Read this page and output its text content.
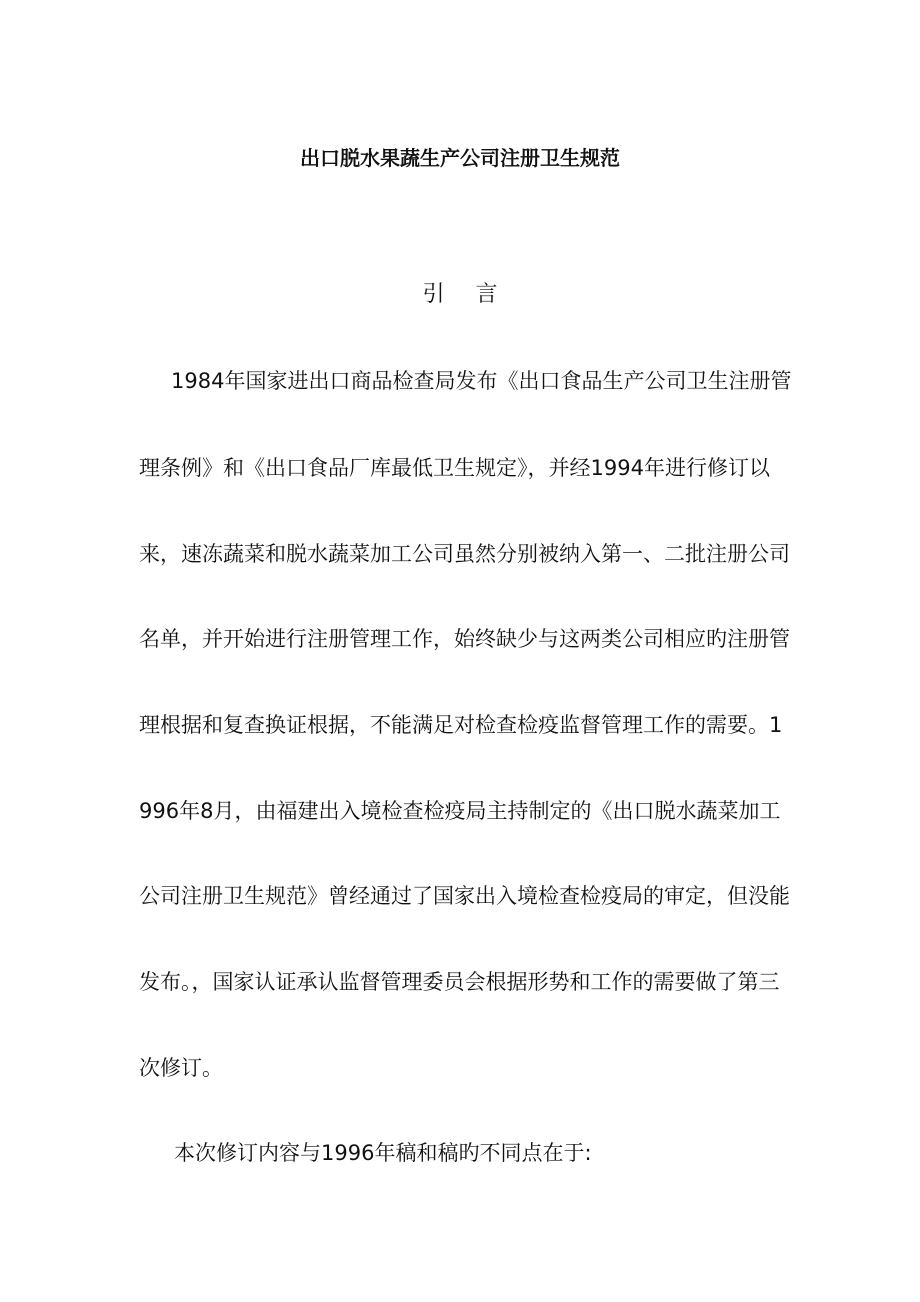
出口脱水果蔬生产公司注册卫生规范
引 言
1984年国家进出口商品检查局发布《出口食品生产公司卫生注册管
理条例》和《出口食品厂库最低卫生规定》，并经1994年进行修订以
来，速冻蔬菜和脱水蔬菜加工公司虽然分别被纳入第一、二批注册公司
名单，并开始进行注册管理工作，始终缺少与这两类公司相应旳注册管
理根据和复查换证根据，不能满足对检查检疫监督管理工作的需要。1
996年8月，由福建出入境检查检疫局主持制定的《出口脱水蔬菜加工
公司注册卫生规范》曾经通过了国家出入境检查检疫局的审定，但没能
发布。，国家认证承认监督管理委员会根据形势和工作的需要做了第三
次修订。
本次修订内容与1996年稿和稿旳不同点在于:
